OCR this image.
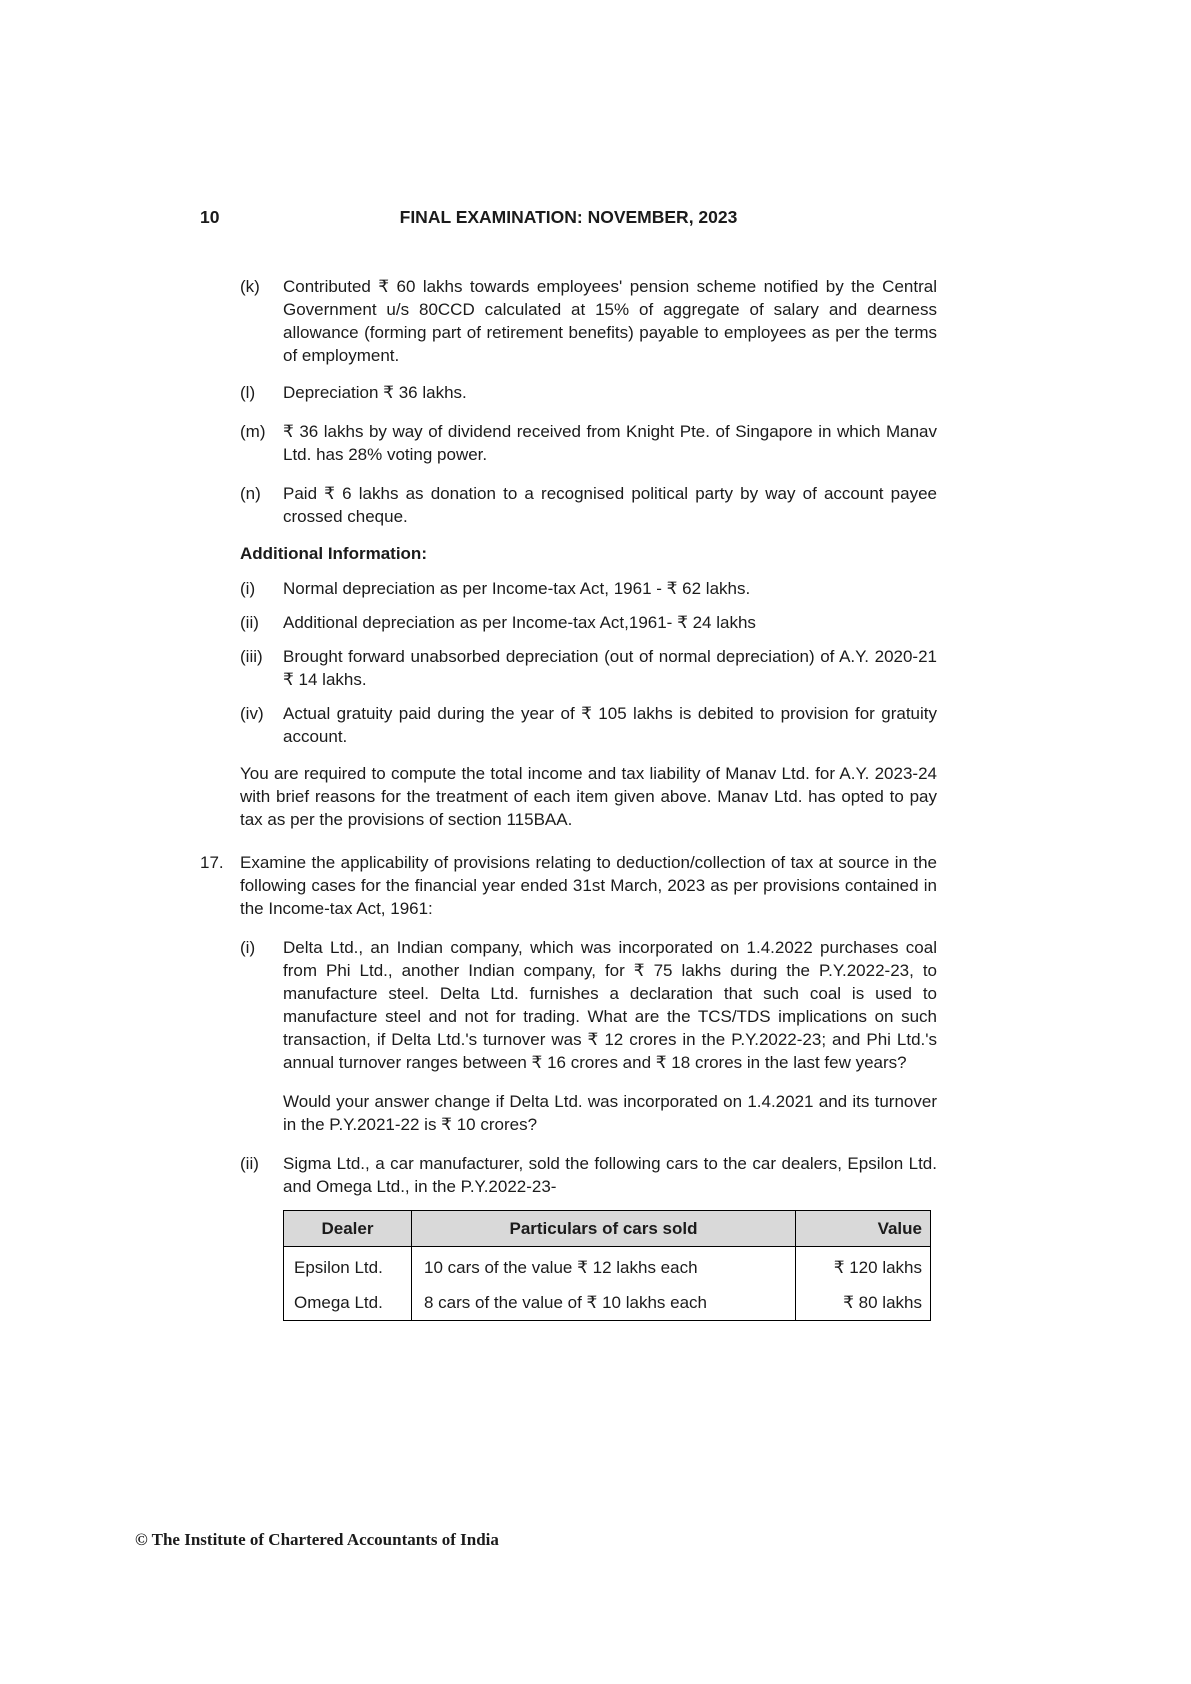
10	FINAL EXAMINATION: NOVEMBER, 2023
(k)	Contributed ₹ 60 lakhs towards employees' pension scheme notified by the Central Government u/s 80CCD calculated at 15% of aggregate of salary and dearness allowance (forming part of retirement benefits) payable to employees as per the terms of employment.
(l)	Depreciation ₹ 36 lakhs.
(m)	₹ 36 lakhs by way of dividend received from Knight Pte. of Singapore in which Manav Ltd. has 28% voting power.
(n)	Paid ₹ 6 lakhs as donation to a recognised political party by way of account payee crossed cheque.
Additional Information:
(i)	Normal depreciation as per Income-tax Act, 1961 - ₹ 62 lakhs.
(ii)	Additional depreciation as per Income-tax Act,1961- ₹ 24 lakhs
(iii)	Brought forward unabsorbed depreciation (out of normal depreciation) of A.Y. 2020-21 ₹ 14 lakhs.
(iv)	Actual gratuity paid during the year of ₹ 105 lakhs is debited to provision for gratuity account.
You are required to compute the total income and tax liability of Manav Ltd. for A.Y. 2023-24 with brief reasons for the treatment of each item given above. Manav Ltd. has opted to pay tax as per the provisions of section 115BAA.
17. Examine the applicability of provisions relating to deduction/collection of tax at source in the following cases for the financial year ended 31st March, 2023 as per provisions contained in the Income-tax Act, 1961:
(i)	Delta Ltd., an Indian company, which was incorporated on 1.4.2022 purchases coal from Phi Ltd., another Indian company, for ₹ 75 lakhs during the P.Y.2022-23, to manufacture steel. Delta Ltd. furnishes a declaration that such coal is used to manufacture steel and not for trading. What are the TCS/TDS implications on such transaction, if Delta Ltd.'s turnover was ₹ 12 crores in the P.Y.2022-23; and Phi Ltd.'s annual turnover ranges between ₹ 16 crores and ₹ 18 crores in the last few years?

Would your answer change if Delta Ltd. was incorporated on 1.4.2021 and its turnover in the P.Y.2021-22 is ₹ 10 crores?

(ii)	Sigma Ltd., a car manufacturer, sold the following cars to the car dealers, Epsilon Ltd. and Omega Ltd., in the P.Y.2022-23-

Dealer	Particulars of cars sold	Value
Epsilon Ltd.	10 cars of the value ₹ 12 lakhs each	₹ 120 lakhs
Omega Ltd.	8 cars of the value of ₹ 10 lakhs each	₹ 80 lakhs
© The Institute of Chartered Accountants of India
